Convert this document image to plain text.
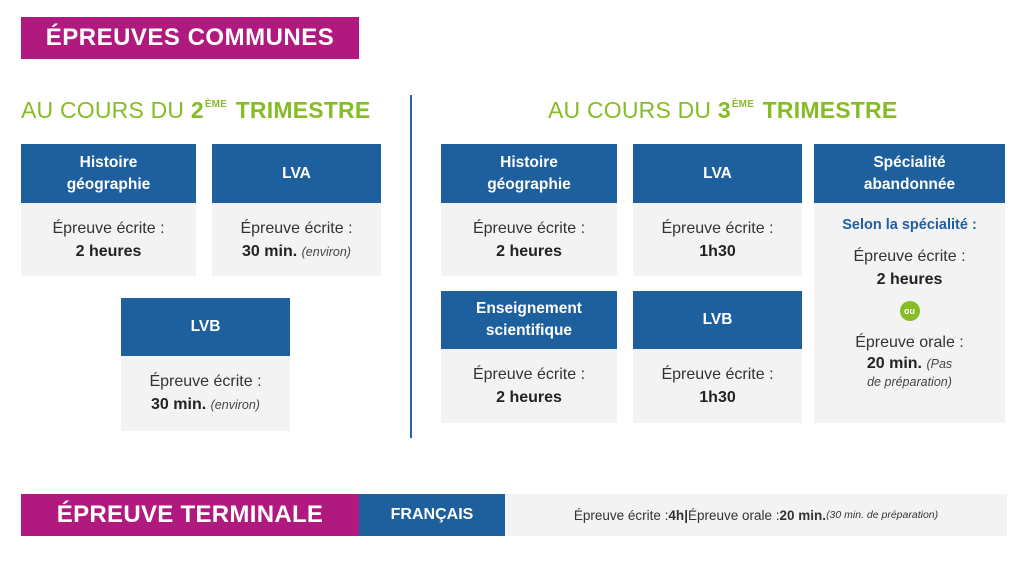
ÉPREUVES COMMUNES
AU COURS DU 2ÈME TRIMESTRE	AU COURS DU 3ÈME TRIMESTRE
Histoire
géographie
Épreuve écrite :
2 heures
LVA
Épreuve écrite :
30 min. (environ)
LVB
Épreuve écrite :
30 min. (environ)
Histoire
géographie
Épreuve écrite :
2 heures
LVA
Épreuve écrite :
1h30
Enseignement
scientifique
Épreuve écrite :
2 heures
LVB
Épreuve écrite :
1h30
Spécialité
abandonnée
Selon la spécialité :
Épreuve écrite :
2 heures
ou
Épreuve orale :
20 min. (Pas
de préparation)
ÉPREUVE TERMINALE	FRANÇAIS	Épreuve écrite : 4h | Épreuve orale : 20 min. (30 min. de préparation)
